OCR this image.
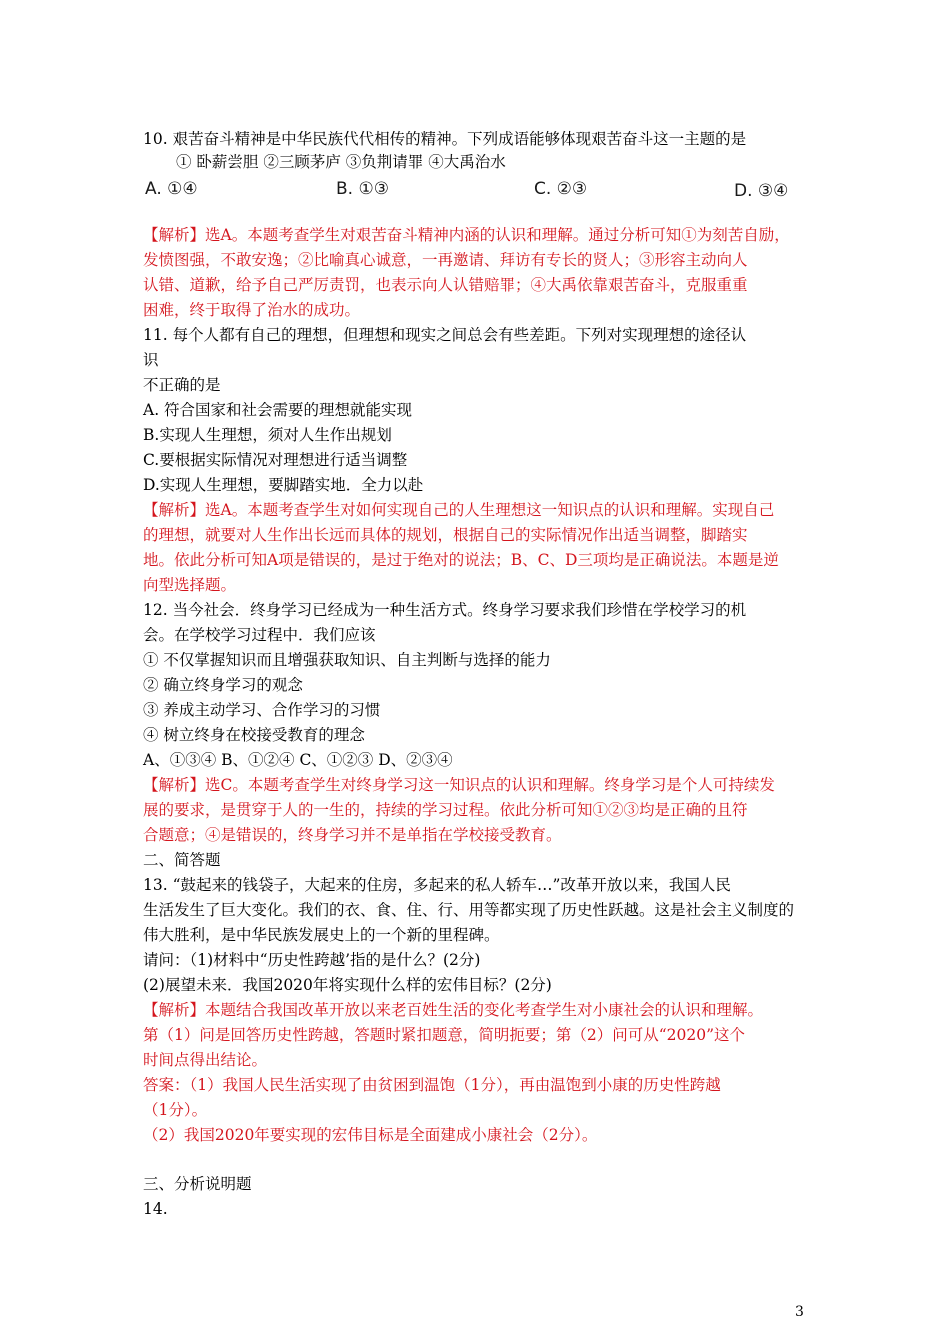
10. 艰苦奋斗精神是中华民族代代相传的精神。下列成语能够体现艰苦奋斗这一主题的是
① 卧薪尝胆 ②三顾茅庐 ③负荆请罪 ④大禹治水
A. ①④	B. ①③	C. ②③	D. ③④
【解析】选A。本题考查学生对艰苦奋斗精神内涵的认识和理解。通过分析可知①为刻苦自励，
发愤图强，不敢安逸；②比喻真心诚意，一再邀请、拜访有专长的贤人；③形容主动向人
认错、道歉，给予自己严厉责罚，也表示向人认错赔罪；④大禹依靠艰苦奋斗，克服重重
困难，终于取得了治水的成功。
11. 每个人都有自己的理想，但理想和现实之间总会有些差距。下列对实现理想的途径认
识
不正确的是
A. 符合国家和社会需要的理想就能实现
B.实现人生理想，须对人生作出规划
C.要根据实际情况对理想进行适当调整
D.实现人生理想，要脚踏实地．全力以赴
【解析】选A。本题考查学生对如何实现自己的人生理想这一知识点的认识和理解。实现自己
的理想，就要对人生作出长远而具体的规划，根据自己的实际情况作出适当调整，脚踏实
地。依此分析可知A项是错误的，是过于绝对的说法；B、C、D三项均是正确说法。本题是逆
向型选择题。
12. 当今社会．终身学习已经成为一种生活方式。终身学习要求我们珍惜在学校学习的机
会。在学校学习过程中．我们应该
① 不仅掌握知识而且增强获取知识、自主判断与选择的能力
② 确立终身学习的观念
③ 养成主动学习、合作学习的习惯
④ 树立终身在校接受教育的理念
A、①③④ B、①②④ C、①②③ D、②③④
【解析】选C。本题考查学生对终身学习这一知识点的认识和理解。终身学习是个人可持续发
展的要求，是贯穿于人的一生的，持续的学习过程。依此分析可知①②③均是正确的且符
合题意；④是错误的，终身学习并不是单指在学校接受教育。
二、简答题
13. “鼓起来的钱袋子，大起来的住房，多起来的私人轿车…”改革开放以来，我国人民
生活发生了巨大变化。我们的衣、食、住、行、用等都实现了历史性跃越。这是社会主义制度的
伟大胜利，是中华民族发展史上的一个新的里程碑。
请问：（1)材料中“历史性跨越’指的是什么？(2分)
(2)展望未来．我国2020年将实现什么样的宏伟目标？(2分)
【解析】本题结合我国改革开放以来老百姓生活的变化考查学生对小康社会的认识和理解。
第（1）问是回答历史性跨越，答题时紧扣题意，简明扼要；第（2）问可从“2020”这个
时间点得出结论。
答案：（1）我国人民生活实现了由贫困到温饱（1分），再由温饱到小康的历史性跨越
（1分）。
（2）我国2020年要实现的宏伟目标是全面建成小康社会（2分）。
三、分析说明题
14.
3
